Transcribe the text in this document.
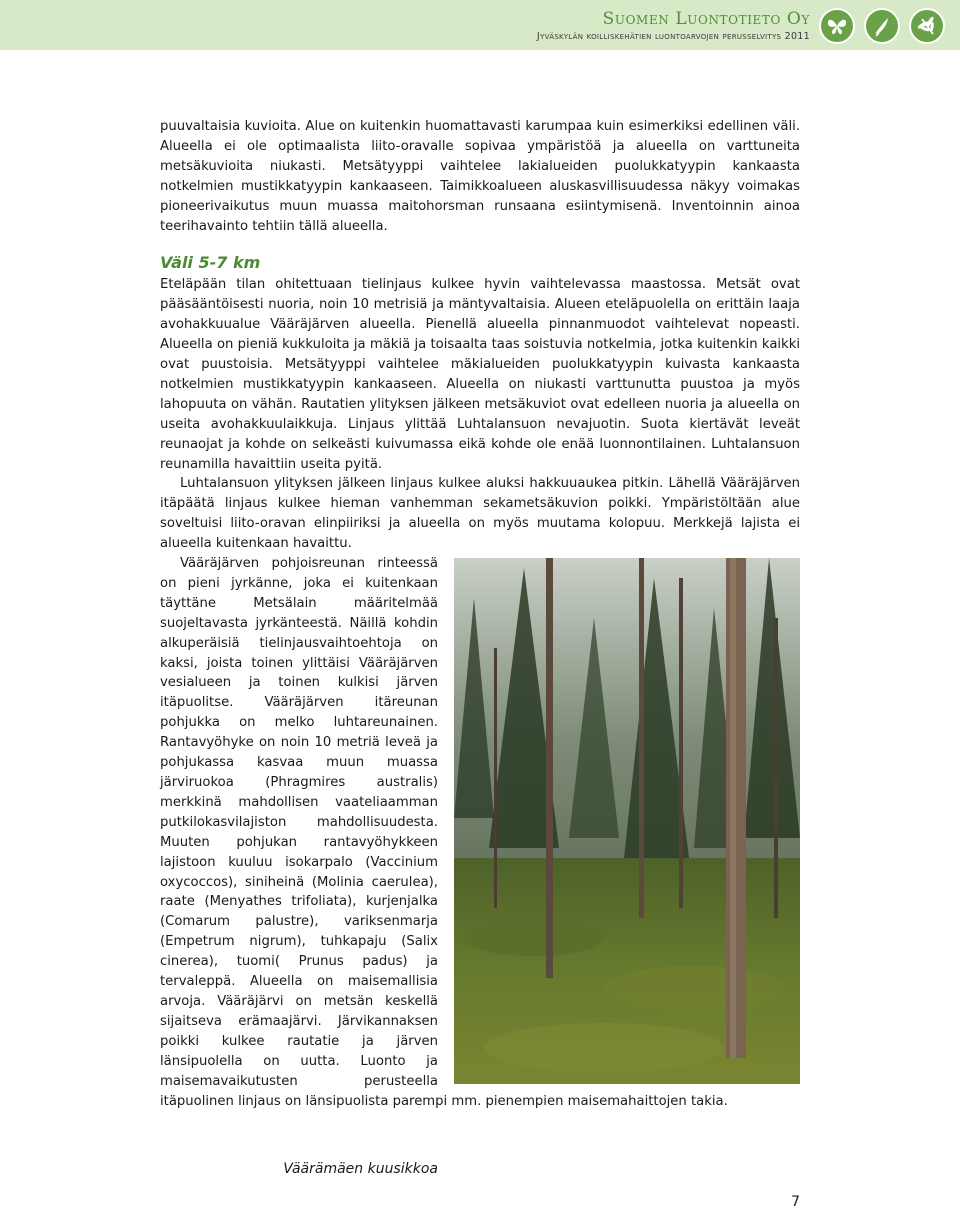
Suomen Luontotieto Oy
Jyväskylän koilliskehätien luontoarvojen perusselvitys 2011

puuvaltaisia kuvioita. Alue on kuitenkin huomattavasti karumpaa kuin esimerkiksi edellinen väli. Alueella ei ole optimaalista liito-oravalle sopivaa ympäristöä ja alueella on varttuneita metsäkuvioita niukasti. Metsätyyppi vaihtelee lakialueiden puolukkatyypin kankaasta notkelmien mustikkatyypin kankaaseen. Taimikkoalueen aluskasvillisuudessa näkyy voimakas pioneerivaikutus muun muassa maitohorsman runsaana esiintymisenä. Inventoinnin ainoa teerihavainto tehtiin tällä alueella.

Väli 5-7 km

Eteläpään tilan ohitettuaan tielinjaus kulkee hyvin vaihtelevassa maastossa. Metsät ovat pääsääntöisesti nuoria, noin 10 metrisiä ja mäntyvaltaisia. Alueen eteläpuolella on erittäin laaja avohakkuualue Vääräjärven alueella. Pienellä alueella pinnanmuodot vaihtelevat nopeasti. Alueella on pieniä kukkuloita ja mäkiä ja toisaalta taas soistuvia notkelmia, jotka kuitenkin kaikki ovat puustoisia. Metsätyyppi vaihtelee mäkialueiden puolukkatyypin kuivasta kankaasta notkelmien mustikkatyypin kankaaseen. Alueella on niukasti varttunutta puustoa ja myös lahopuuta on vähän. Rautatien ylityksen jälkeen metsäkuviot ovat edelleen nuoria ja alueella on useita avohakkuulaikkuja. Linjaus ylittää Luhtalansuon nevajuotin. Suota kiertävät leveät reunaojat ja kohde on selkeästi kuivumassa eikä kohde ole enää luonnontilainen. Luhtalansuon reunamilla havaittiin useita pyitä.

Luhtalansuon ylityksen jälkeen linjaus kulkee aluksi hakkuuaukea pitkin. Lähellä Vääräjärven itäpäätä linjaus kulkee hieman vanhemman sekametsäkuvion poikki. Ympäristöltään alue soveltuisi liito-oravan elinpiiriksi ja alueella on myös muutama kolopuu. Merkkejä lajista ei alueella kuitenkaan havaittu.

Vääräjärven pohjoisreunan rinteessä on pieni jyrkänne, joka ei kuitenkaan täyttäne Metsälain määritelmää suojeltavasta jyrkänteestä. Näillä kohdin alkuperäisiä tielinjausvaihtoehtoja on kaksi, joista toinen ylittäisi Vääräjärven vesialueen ja toinen kulkisi järven itäpuolitse. Vääräjärven itäreunan pohjukka on melko luhtareunainen. Rantavyöhyke on noin 10 metriä leveä ja pohjukassa kasvaa muun muassa järviruokoa (Phragmires australis) merkkinä mahdollisen vaateliaamman putkilokasvilajiston mahdollisuudesta. Muuten pohjukan rantavyöhykkeen lajistoon kuuluu isokarpalo (Vaccinium oxycoccos), siniheinä (Molinia caerulea), raate (Menyathes trifoliata), kurjenjalka (Comarum palustre), variksenmarja (Empetrum nigrum), tuhkapaju (Salix cinerea), tuomi( Prunus padus) ja tervaleppä. Alueella on maisemallisia arvoja. Vääräjärvi on metsän keskellä sijaitseva erämaajärvi. Järvikannaksen poikki kulkee rautatie ja järven länsipuolella on uutta. Luonto ja maisemavaikutusten perusteella itäpuolinen linjaus on länsipuolista parempi mm. pienempien maisemahaittojen takia.

Väärämäen kuusikkoa
7
